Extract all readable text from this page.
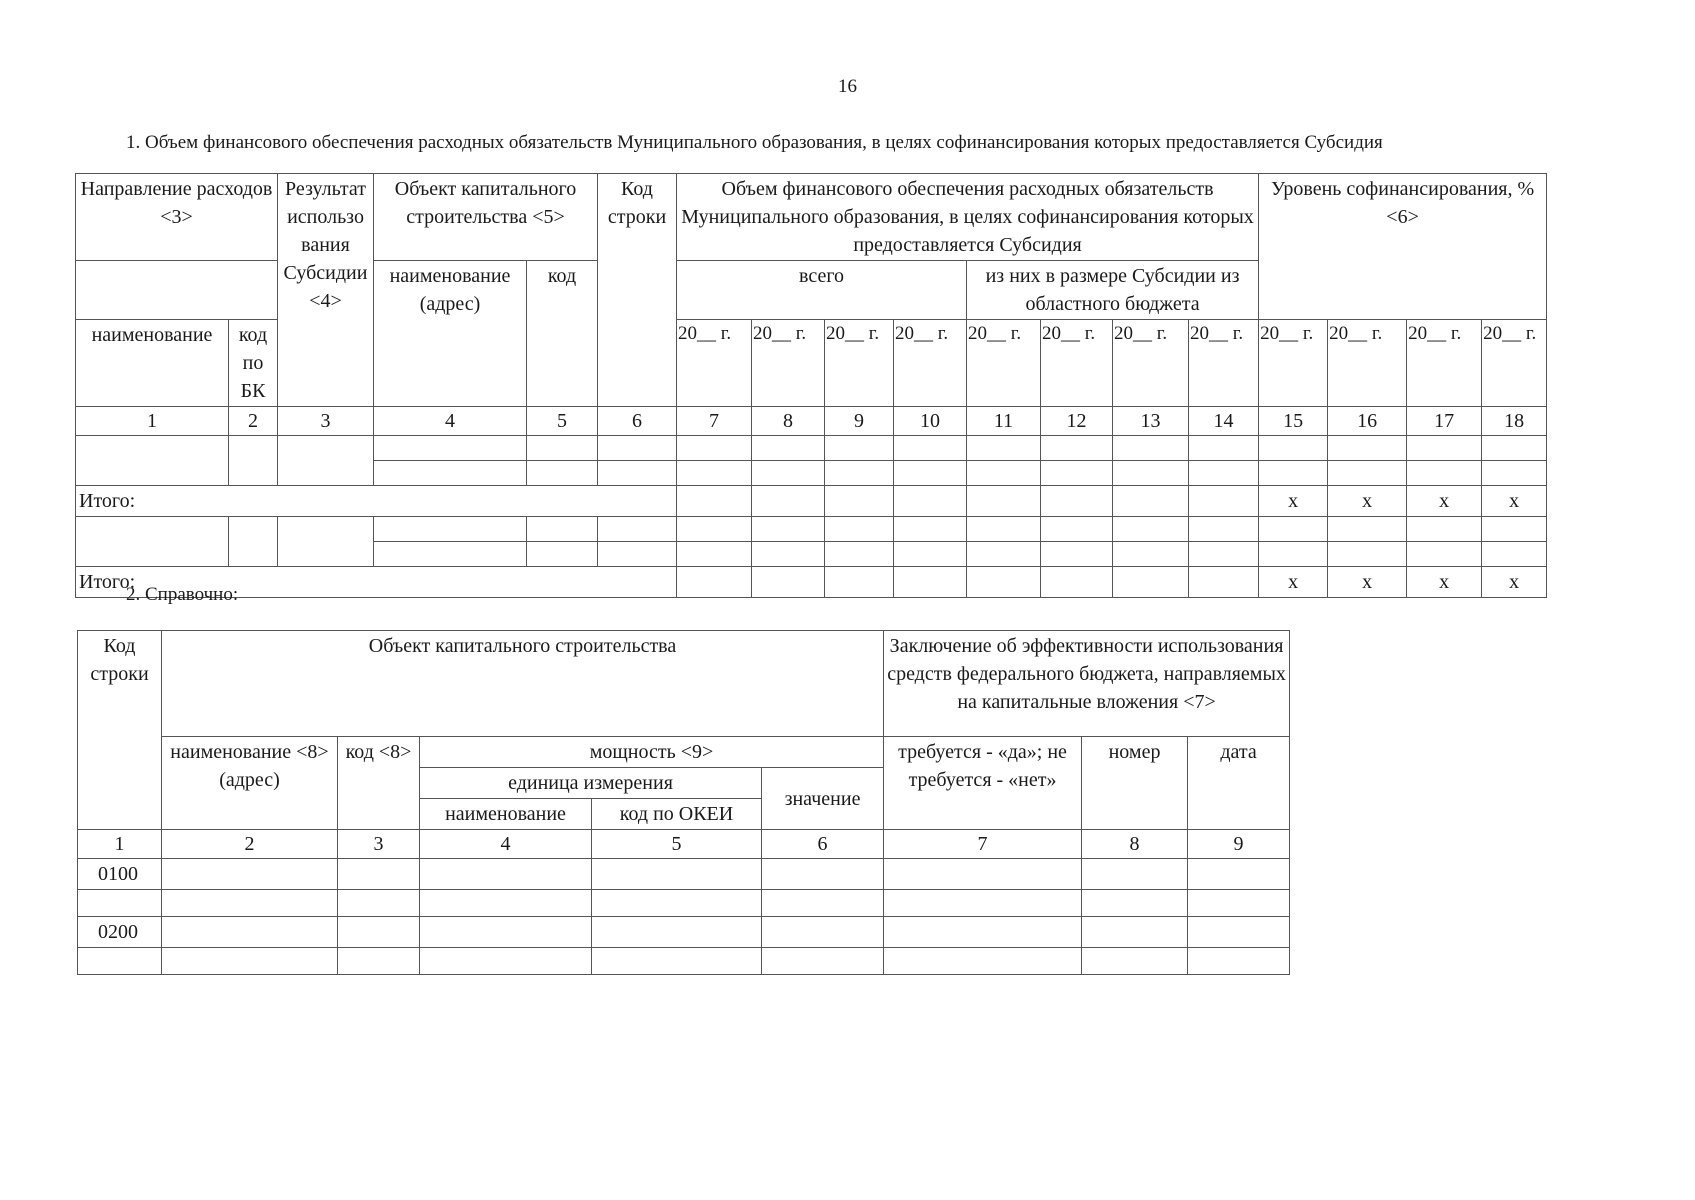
16
1. Объем финансового обеспечения расходных обязательств Муниципального образования, в целях софинансирования которых предоставляется Субсидия
Направление расходов <3>		Результат использо вания Субсидии <4>	Объект капитального строительства <5>		Код строки	Объем финансового обеспечения расходных обязательств Муниципального образования, в целях софинансирования которых предоставляется Субсидия								Уровень софинансирования, % <6>			
			наименование (адрес)	код		всего				из них в размере Субсидии из областного бюджета							
наименование	код по БК					20__ г.	20__ г.	20__ г.	20__ г.	20__ г.	20__ г.	20__ г.	20__ г.	20__ г.	20__ г.	20__ г.	20__ г.
1	2	3	4	5	6	7	8	9	10	11	12	13	14	15	16	17	18

Итого:														х	х	х	х

Итого:														х	х	х	х
2. Справочно:
Код строки	Объект капитального строительства					Заключение об эффективности использования средств федерального бюджета, направляемых на капитальные вложения <7>		
	наименование <8> (адрес)	код <8>	мощность <9>			требуется - «да»; не требуется - «нет»	номер	дата
			единица измерения		значение			
			наименование	код по ОКЕИ				
1	2	3	4	5	6	7	8	9
0100								

0200								
